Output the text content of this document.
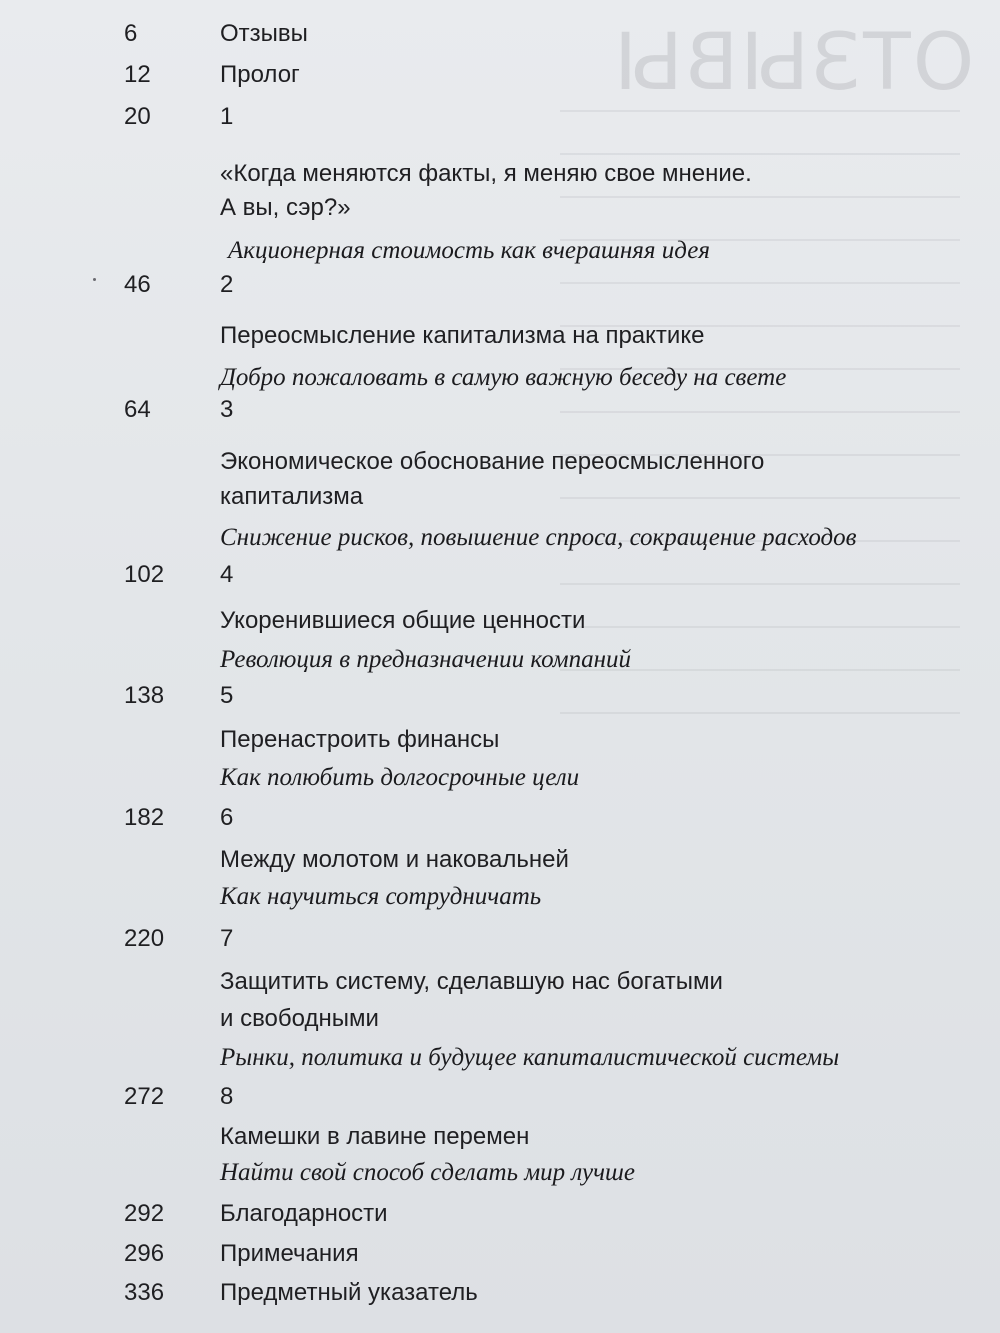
ОТЗЫВЫ
6	Отзывы
12	Пролог
20	1
«Когда меняются факты, я меняю свое мнение.
А вы, сэр?»
Акционерная стоимость как вчерашняя идея
46	2
Переосмысление капитализма на практике
Добро пожаловать в самую важную беседу на свете
64	3
Экономическое обоснование переосмысленного
капитализма
Снижение рисков, повышение спроса, сокращение расходов
102 4
Укоренившиеся общие ценности
Революция в предназначении компаний
138 5
Перенастроить финансы
Как полюбить долгосрочные цели
182 6
Между молотом и наковальней
Как научиться сотрудничать
220 7
Защитить систему, сделавшую нас богатыми
и свободными
Рынки, политика и будущее капиталистической системы
272 8
Камешки в лавине перемен
Найти свой способ сделать мир лучше
292 Благодарности
296 Примечания
336 Предметный указатель
